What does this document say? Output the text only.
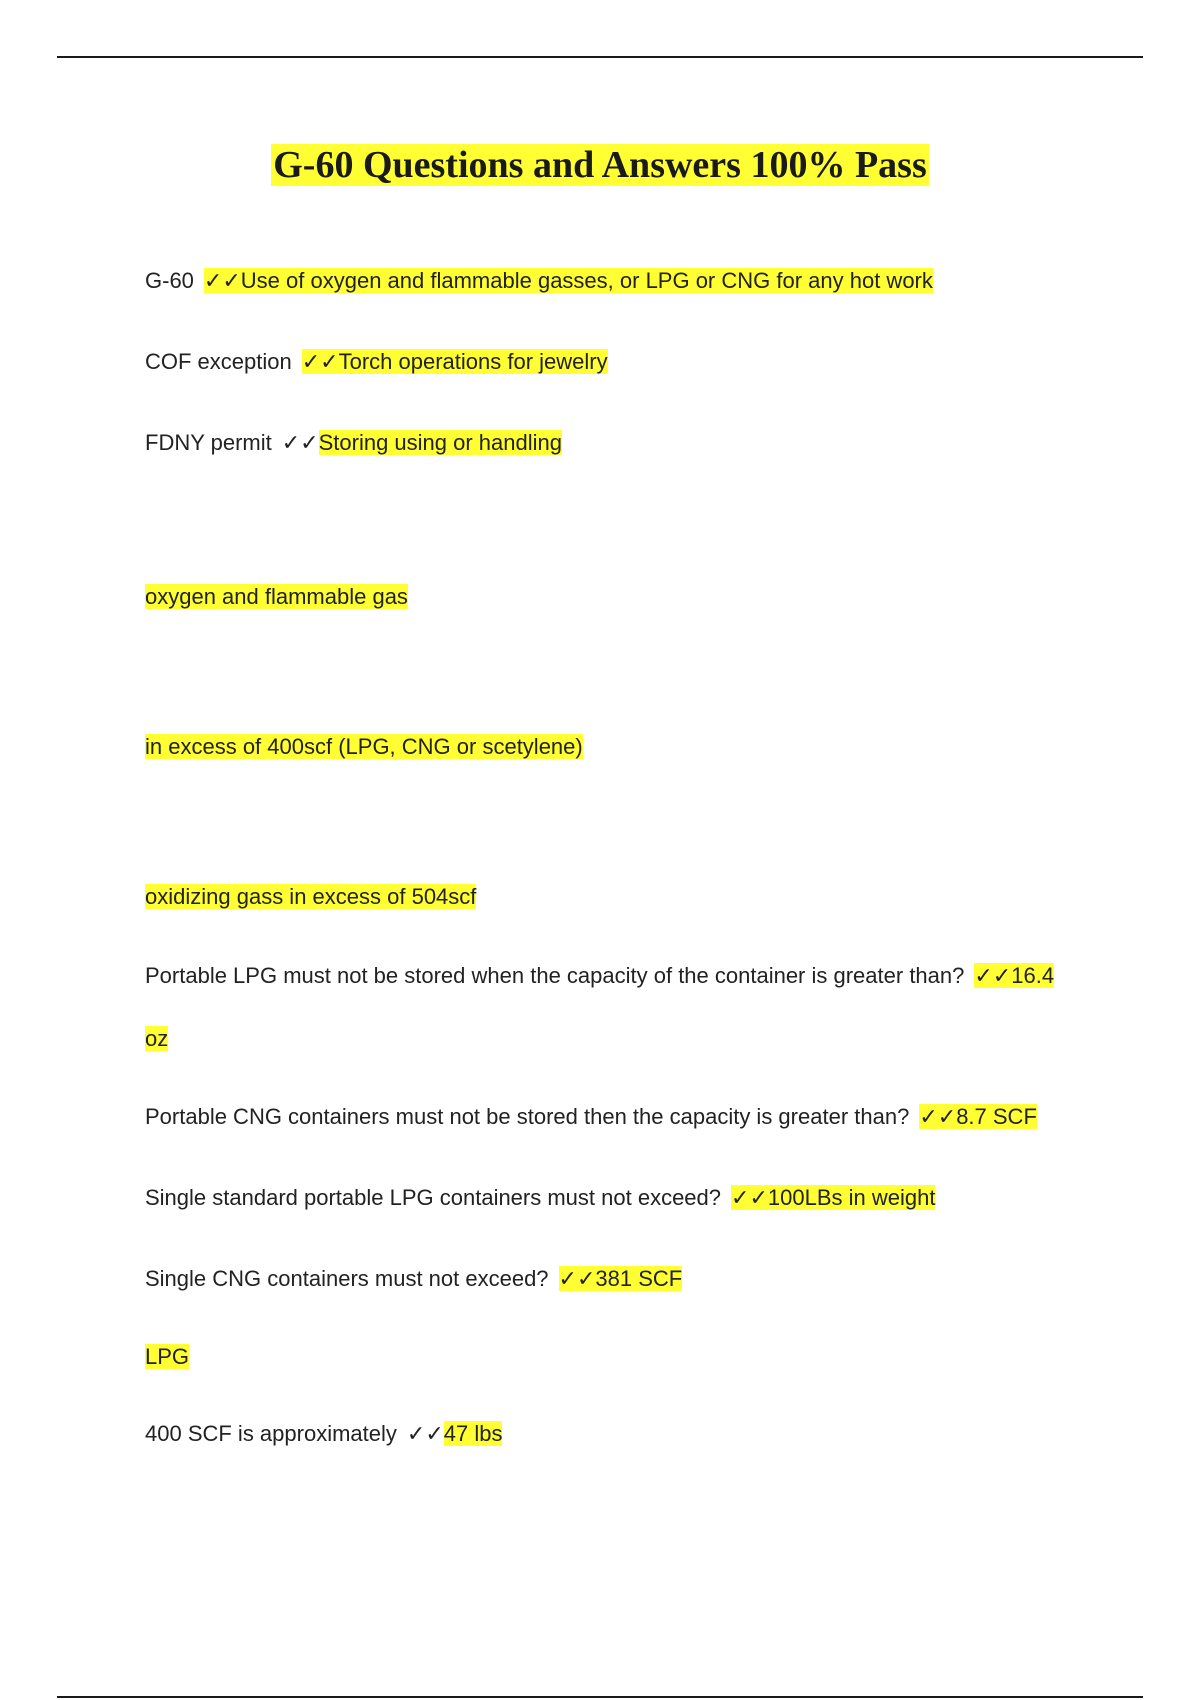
G-60 Questions and Answers 100% Pass
G-60 ✓✓Use of oxygen and flammable gasses, or LPG or CNG for any hot work
COF exception ✓✓Torch operations for jewelry
FDNY permit ✓✓Storing using or handling
oxygen and flammable gas
in excess of 400scf (LPG, CNG or scetylene)
oxidizing gass in excess of 504scf
Portable LPG must not be stored when the capacity of the container is greater than? ✓✓16.4
oz
Portable CNG containers must not be stored then the capacity is greater than? ✓✓8.7 SCF
Single standard portable LPG containers must not exceed? ✓✓100LBs in weight
Single CNG containers must not exceed? ✓✓381 SCF
LPG
400 SCF is approximately ✓✓47 lbs
